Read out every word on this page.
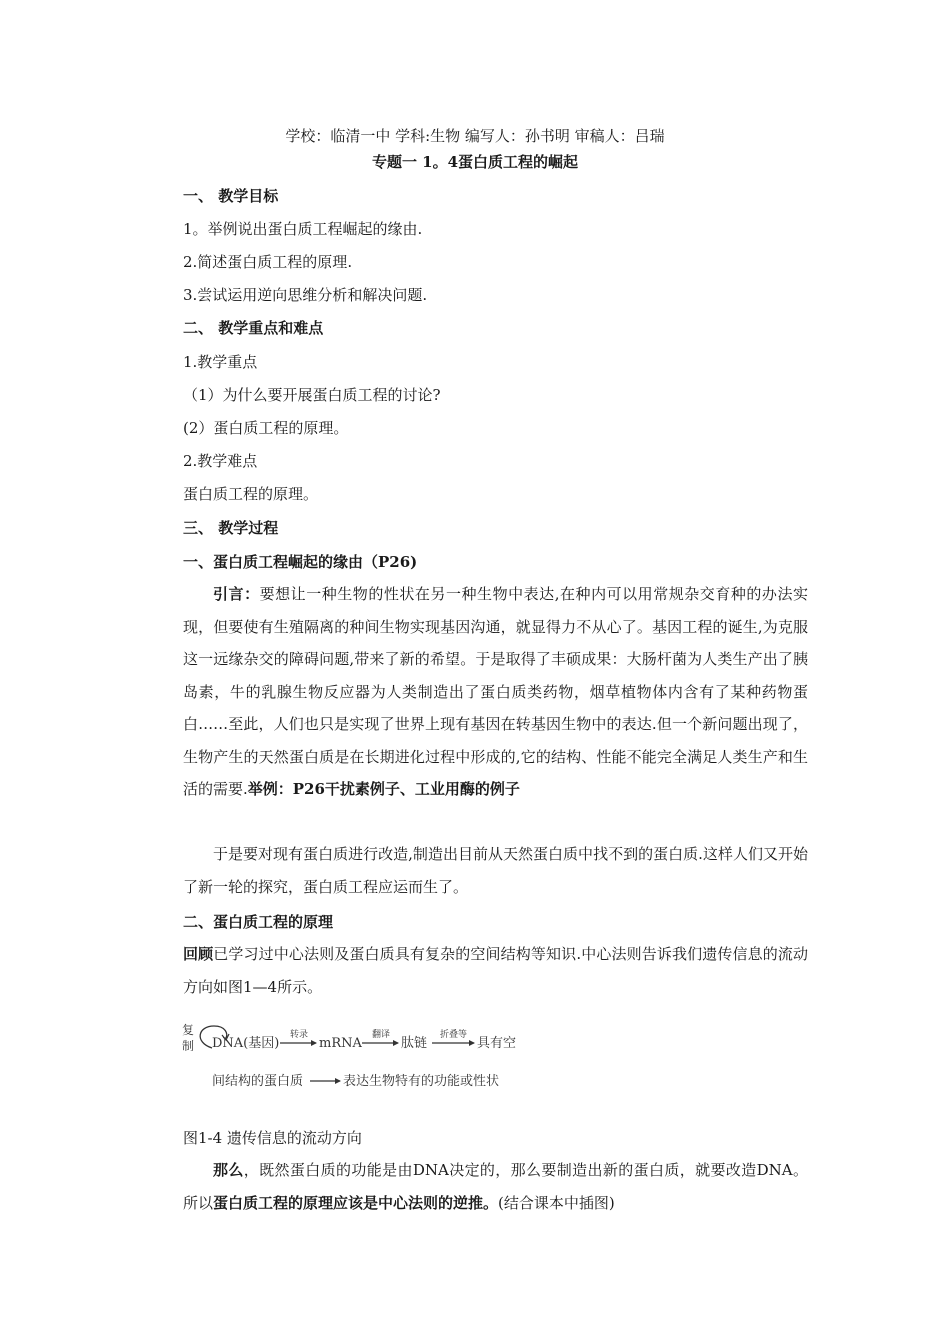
学校：临清一中 学科:生物 编写人：孙书明 审稿人：吕瑞
专题一 1。4蛋白质工程的崛起
一、 教学目标
1。举例说出蛋白质工程崛起的缘由.
2.简述蛋白质工程的原理.
3.尝试运用逆向思维分析和解决问题.
二、 教学重点和难点
1.教学重点
（1）为什么要开展蛋白质工程的讨论?
(2）蛋白质工程的原理。
2.教学难点
蛋白质工程的原理。
三、 教学过程
一、蛋白质工程崛起的缘由（P26)
引言：要想让一种生物的性状在另一种生物中表达,在种内可以用常规杂交育种的办法实现，但要使有生殖隔离的种间生物实现基因沟通，就显得力不从心了。基因工程的诞生,为克服这一远缘杂交的障碍问题,带来了新的希望。于是取得了丰硕成果：大肠杆菌为人类生产出了胰岛素，牛的乳腺生物反应器为人类制造出了蛋白质类药物，烟草植物体内含有了某种药物蛋白……至此，人们也只是实现了世界上现有基因在转基因生物中的表达.但一个新问题出现了，生物产生的天然蛋白质是在长期进化过程中形成的,它的结构、性能不能完全满足人类生产和生活的需要.举例：P26干扰素例子、工业用酶的例子
于是要对现有蛋白质进行改造,制造出目前从天然蛋白质中找不到的蛋白质.这样人们又开始了新一轮的探究，蛋白质工程应运而生了。
二、蛋白质工程的原理
回顾已学习过中心法则及蛋白质具有复杂的空间结构等知识.中心法则告诉我们遗传信息的流动方向如图1—4所示。
复
制 DNA(基因)
转录
mRNA
翻译
肽链
折叠等
具有空
间结构的蛋白质	表达生物特有的功能或性状
图1-4 遗传信息的流动方向
那么，既然蛋白质的功能是由DNA决定的，那么要制造出新的蛋白质，就要改造DNA。所以蛋白质工程的原理应该是中心法则的逆推。(结合课本中插图)
